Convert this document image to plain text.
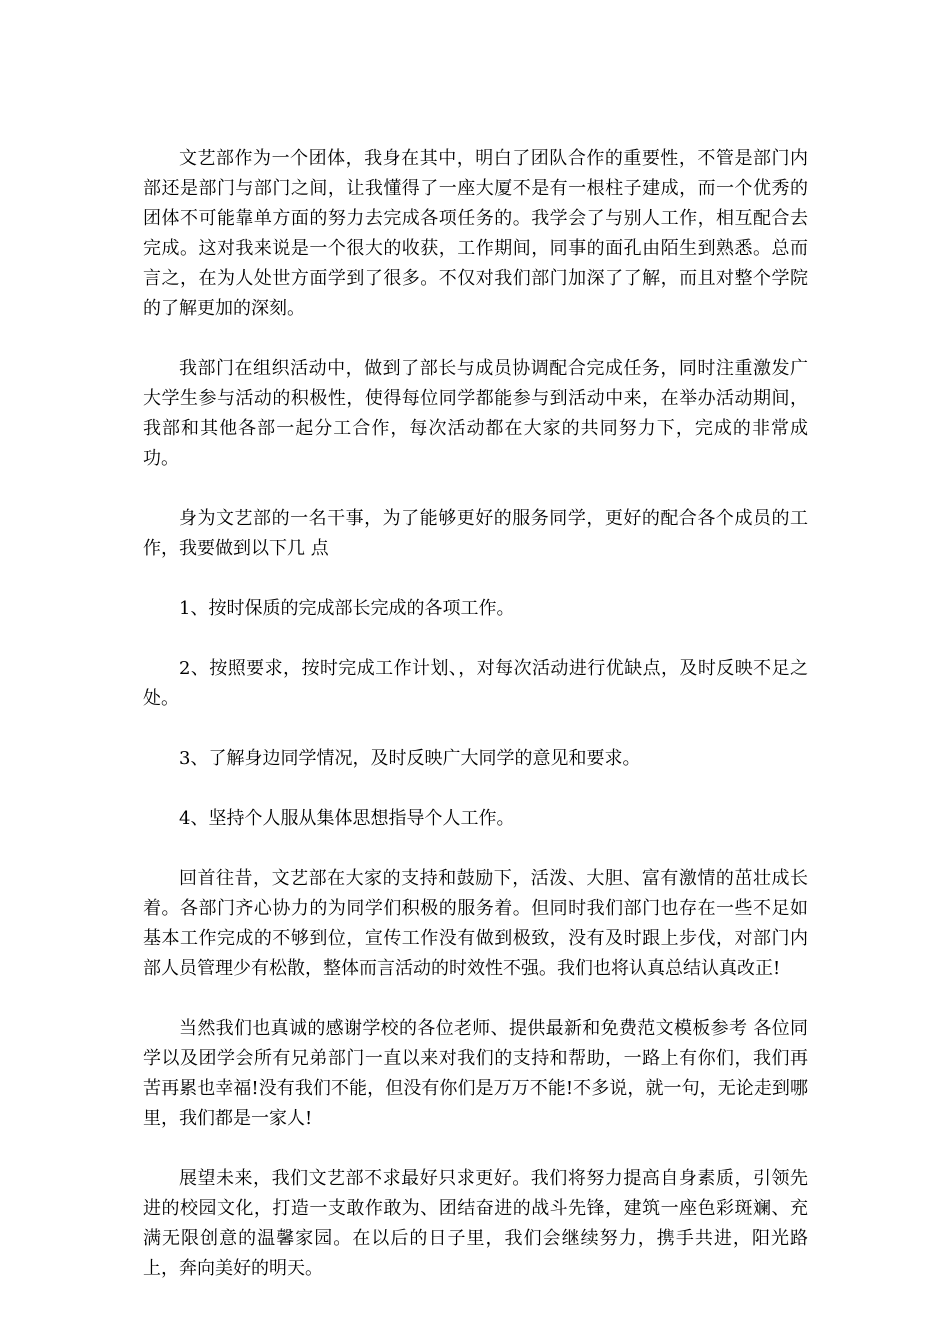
文艺部作为一个团体，我身在其中，明白了团队合作的重要性，不管是部门内部还是部门与部门之间，让我懂得了一座大厦不是有一根柱子建成，而一个优秀的团体不可能靠单方面的努力去完成各项任务的。我学会了与别人工作，相互配合去完成。这对我来说是一个很大的收获，工作期间，同事的面孔由陌生到熟悉。总而言之，在为人处世方面学到了很多。不仅对我们部门加深了了解，而且对整个学院的了解更加的深刻。

我部门在组织活动中，做到了部长与成员协调配合完成任务，同时注重激发广大学生参与活动的积极性，使得每位同学都能参与到活动中来，在举办活动期间，我部和其他各部一起分工合作，每次活动都在大家的共同努力下，完成的非常成功。

身为文艺部的一名干事，为了能够更好的服务同学，更好的配合各个成员的工作，我要做到以下几 点

1、按时保质的完成部长完成的各项工作。

2、按照要求，按时完成工作计划、，对每次活动进行优缺点，及时反映不足之处。

3、了解身边同学情况，及时反映广大同学的意见和要求。

4、坚持个人服从集体思想指导个人工作。

回首往昔，文艺部在大家的支持和鼓励下，活泼、大胆、富有激情的茁壮成长着。各部门齐心协力的为同学们积极的服务着。但同时我们部门也存在一些不足如基本工作完成的不够到位，宣传工作没有做到极致，没有及时跟上步伐，对部门内部人员管理少有松散，整体而言活动的时效性不强。我们也将认真总结认真改正!

当然我们也真诚的感谢学校的各位老师、提供最新和免费范文模板参考 各位同学以及团学会所有兄弟部门一直以来对我们的支持和帮助，一路上有你们，我们再苦再累也幸福!没有我们不能，但没有你们是万万不能!不多说，就一句，无论走到哪里，我们都是一家人!

展望未来，我们文艺部不求最好只求更好。我们将努力提高自身素质，引领先进的校园文化，打造一支敢作敢为、团结奋进的战斗先锋，建筑一座色彩斑斓、充满无限创意的温馨家园。在以后的日子里，我们会继续努力，携手共进，阳光路上，奔向美好的明天。
